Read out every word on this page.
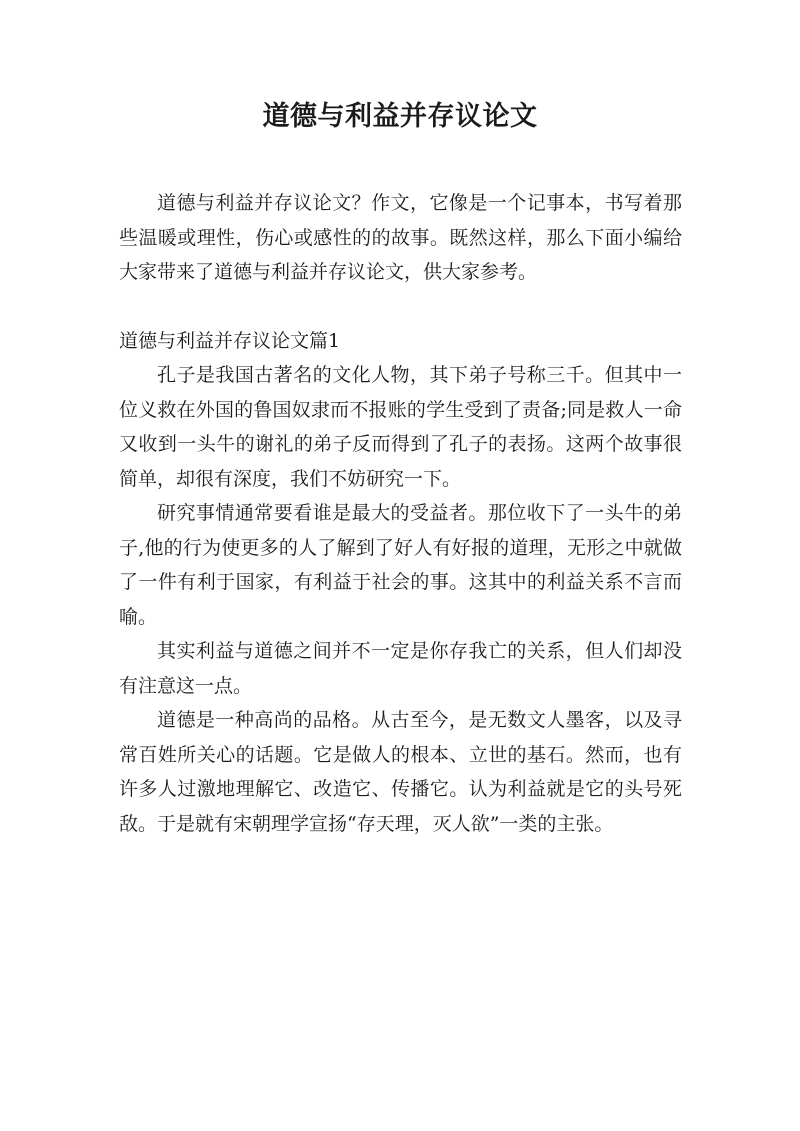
道德与利益并存议论文

道德与利益并存议论文？作文，它像是一个记事本，书写着那些温暖或理性，伤心或感性的的故事。既然这样，那么下面小编给大家带来了道德与利益并存议论文，供大家参考。

道德与利益并存议论文篇1

孔子是我国古著名的文化人物，其下弟子号称三千。但其中一位义救在外国的鲁国奴隶而不报账的学生受到了责备;同是救人一命又收到一头牛的谢礼的弟子反而得到了孔子的表扬。这两个故事很简单，却很有深度，我们不妨研究一下。

研究事情通常要看谁是最大的受益者。那位收下了一头牛的弟子,他的行为使更多的人了解到了好人有好报的道理，无形之中就做了一件有利于国家，有利益于社会的事。这其中的利益关系不言而喻。

其实利益与道德之间并不一定是你存我亡的关系，但人们却没有注意这一点。

道德是一种高尚的品格。从古至今，是无数文人墨客，以及寻常百姓所关心的话题。它是做人的根本、立世的基石。然而，也有许多人过激地理解它、改造它、传播它。认为利益就是它的头号死敌。于是就有宋朝理学宣扬“存天理，灭人欲”一类的主张。
